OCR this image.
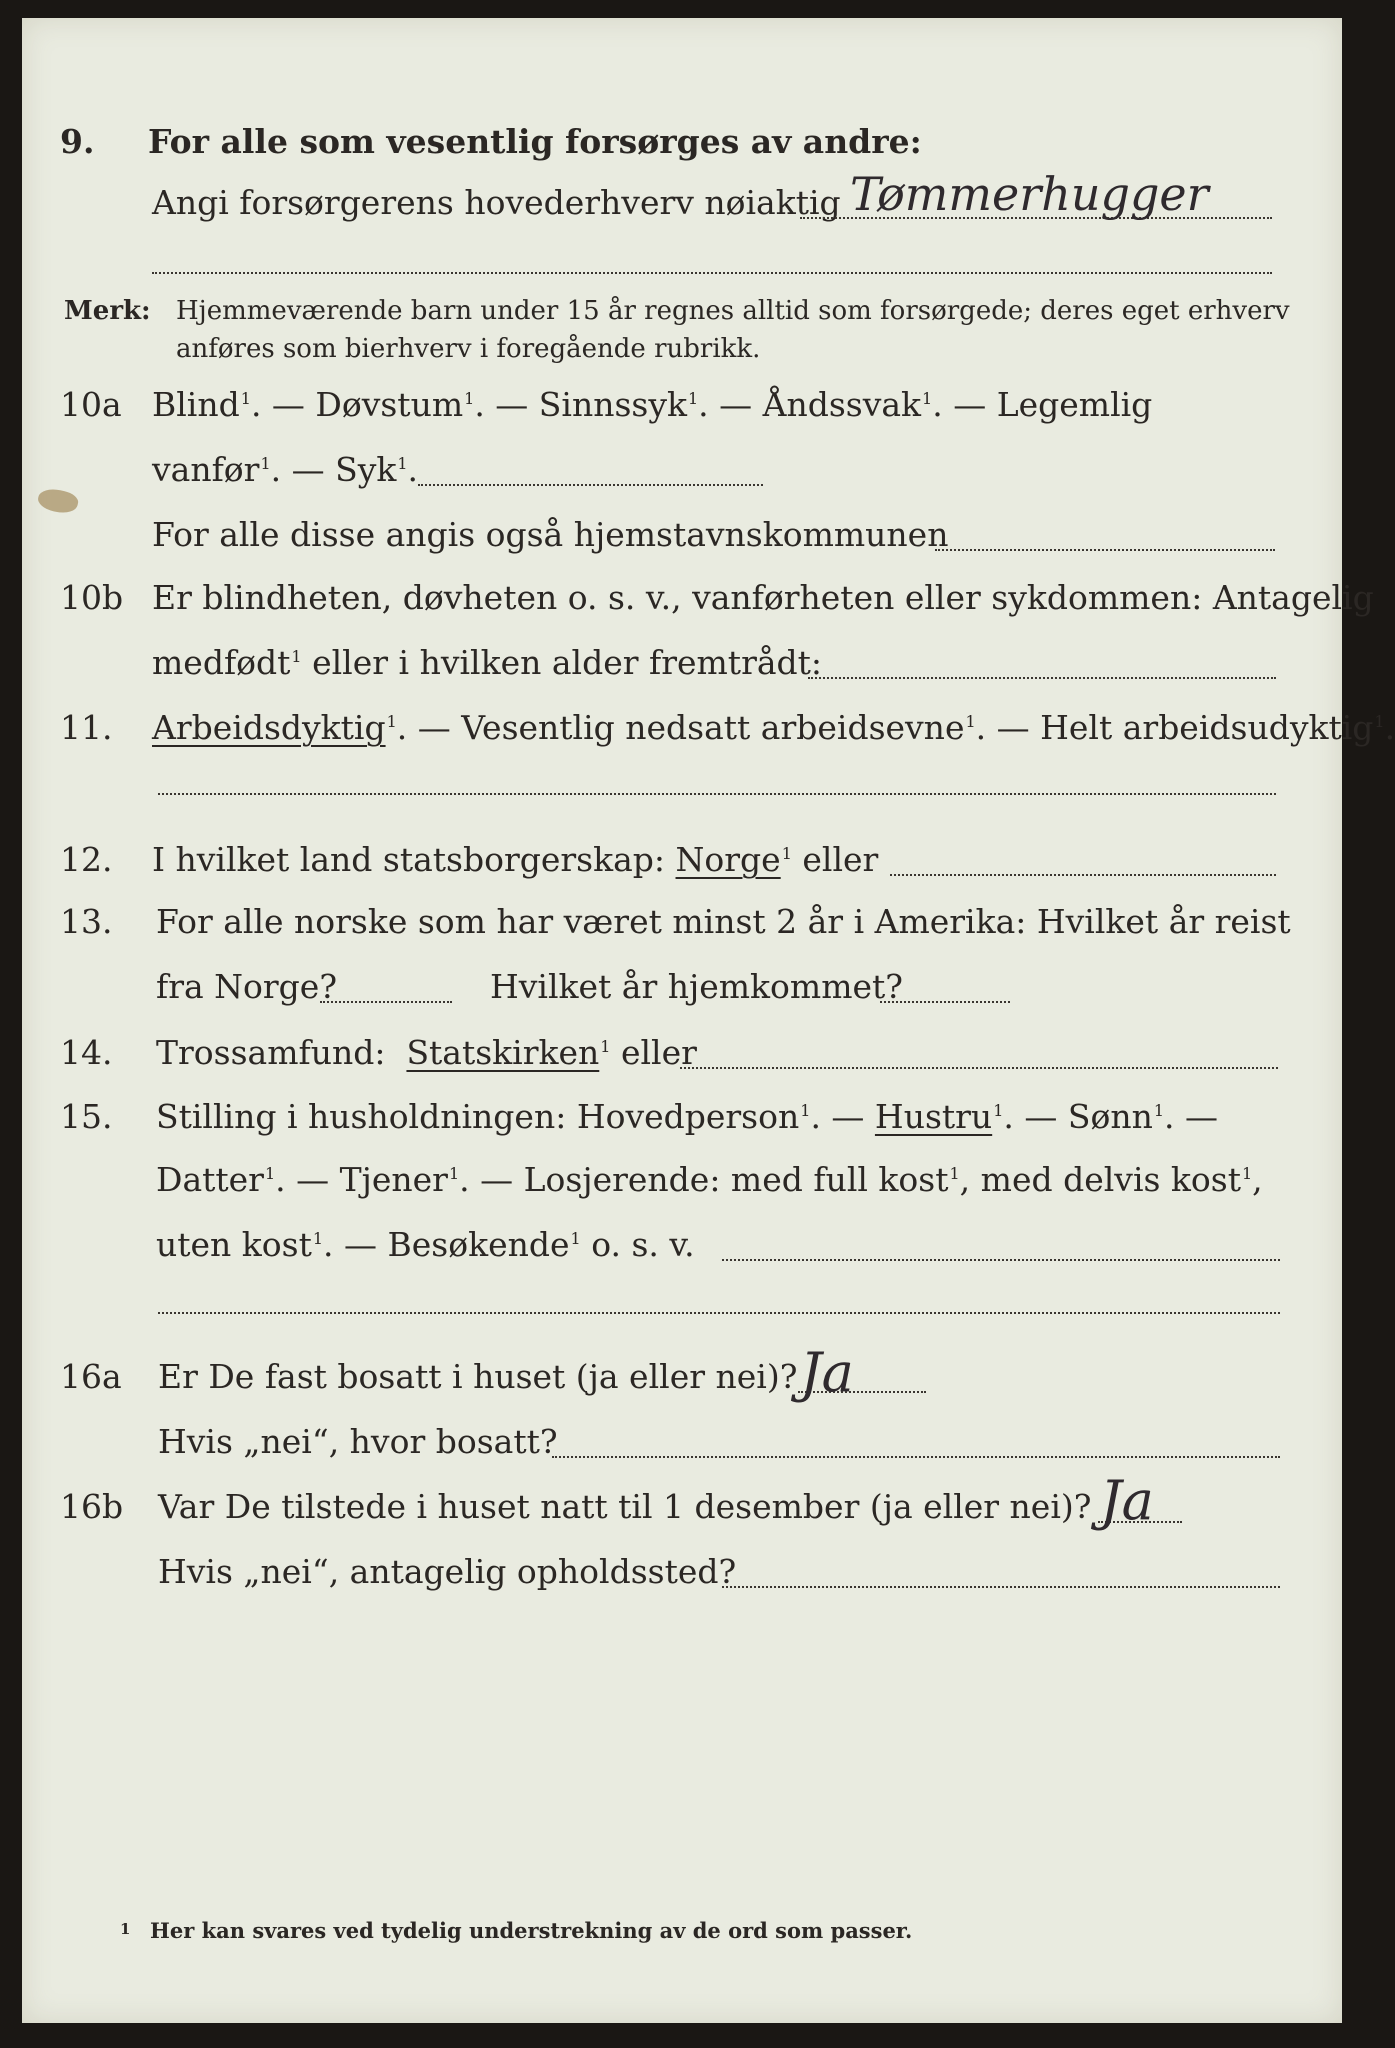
9. For alle som vesentlig forsørges av andre:
Angi forsørgerens hovederhverv nøiaktig Tømmerhugger
Merk: Hjemmeværende barn under 15 år regnes alltid som forsørgede; deres eget erhverv
anføres som bierhverv i foregående rubrikk.
10a Blind$^1$. — Døvstum$^1$. — Sinnssyk$^1$. — Åndssvak$^1$. — Legemlig
vanfør$^1$. — Syk$^1$.
For alle disse angis også hjemstavnskommunen
10b Er blindheten, døvheten o. s. v., vanførheten eller sykdommen: Antagelig
medfødt$^1$ eller i hvilken alder fremtrådt:
11. Arbeidsdyktig$^1$. — Vesentlig nedsatt arbeidsevne$^1$. — Helt arbeidsudyktig$^1$.
12. I hvilket land statsborgerskap: Norge$^1$ eller
13. For alle norske som har været minst 2 år i Amerika: Hvilket år reist
fra Norge?	Hvilket år hjemkommet?
14. Trossamfund: Statskirken$^1$ eller
15. Stilling i husholdningen: Hovedperson$^1$. — Hustru$^1$. — Sønn$^1$. —
Datter$^1$. — Tjener$^1$. — Losjerende: med full kost$^1$, med delvis kost$^1$,
uten kost$^1$. — Besøkende$^1$ o. s. v.
16a Er De fast bosatt i huset (ja eller nei)? Ja
Hvis „nei“, hvor bosatt?
16b Var De tilstede i huset natt til 1 desember (ja eller nei)? Ja
Hvis „nei“, antagelig opholdssted?
1 Her kan svares ved tydelig understrekning av de ord som passer.
